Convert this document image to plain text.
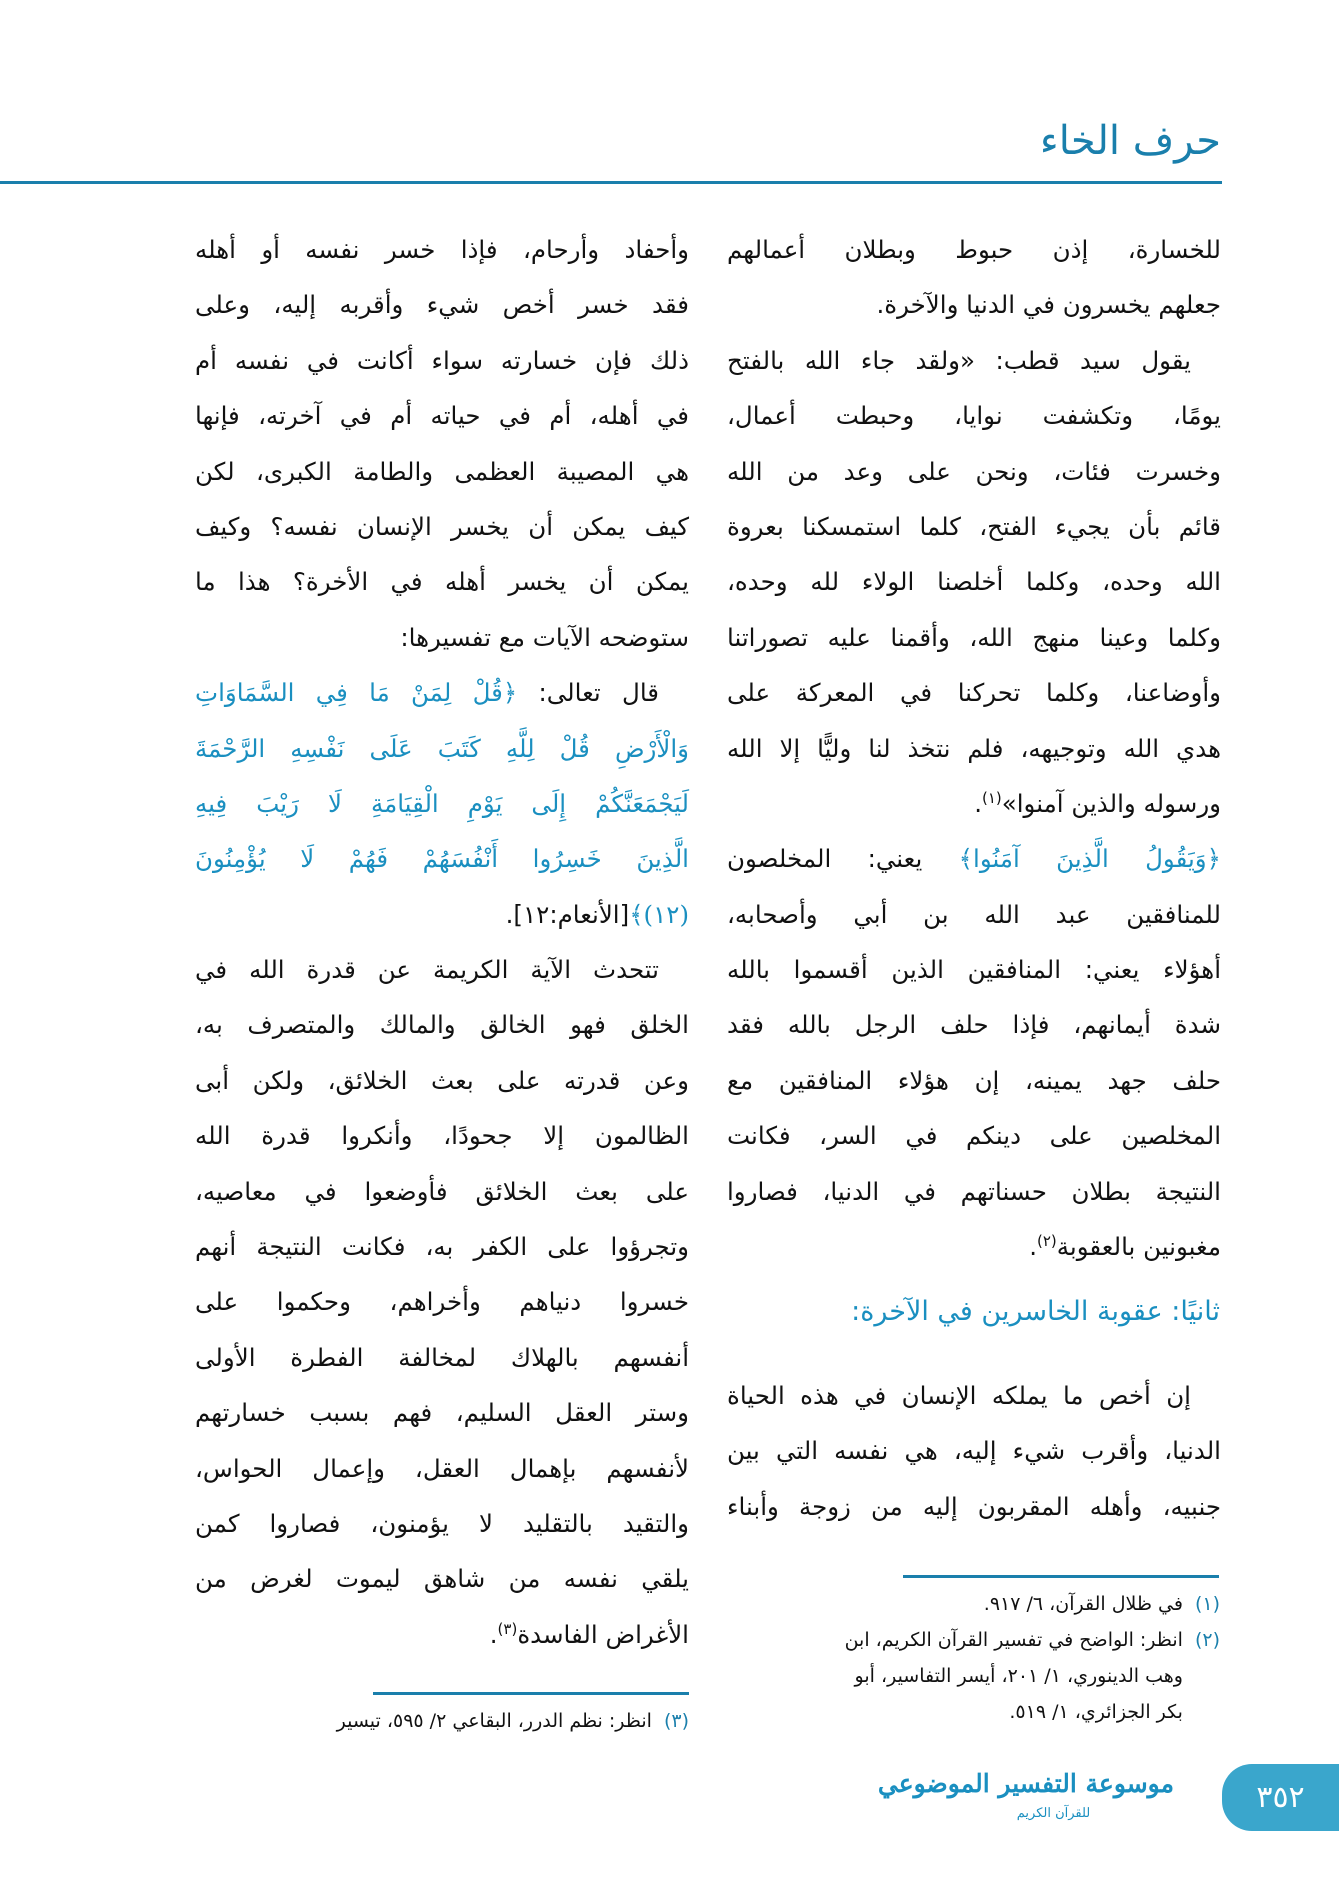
حرف الخاء
للخسارة، إذن حبوط وبطلان أعمالهم
جعلهم يخسرون في الدنيا والآخرة.
يقول سيد قطب: «ولقد جاء الله بالفتح
يومًا، وتكشفت نوايا، وحبطت أعمال،
وخسرت فئات، ونحن على وعد من الله
قائم بأن يجيء الفتح، كلما استمسكنا بعروة
الله وحده، وكلما أخلصنا الولاء لله وحده،
وكلما وعينا منهج الله، وأقمنا عليه تصوراتنا
وأوضاعنا، وكلما تحركنا في المعركة على
هدي الله وتوجيهه، فلم نتخذ لنا وليًّا إلا الله
ورسوله والذين آمنوا»$^{(١)}$.
﴿وَيَقُولُ الَّذِينَ آمَنُوا﴾ يعني: المخلصون
للمنافقين عبد الله بن أبي وأصحابه،
أهؤلاء يعني: المنافقين الذين أقسموا بالله
شدة أيمانهم، فإذا حلف الرجل بالله فقد
حلف جهد يمينه، إن هؤلاء المنافقين مع
المخلصين على دينكم في السر، فكانت
النتيجة بطلان حسناتهم في الدنيا، فصاروا
مغبونين بالعقوبة$^{(٢)}$.
ثانيًا: عقوبة الخاسرين في الآخرة:
إن أخص ما يملكه الإنسان في هذه الحياة
الدنيا، وأقرب شيء إليه، هي نفسه التي بين
جنبيه، وأهله المقربون إليه من زوجة وأبناء
وأحفاد وأرحام، فإذا خسر نفسه أو أهله
فقد خسر أخص شيء وأقربه إليه، وعلى
ذلك فإن خسارته سواء أكانت في نفسه أم
في أهله، أم في حياته أم في آخرته، فإنها
هي المصيبة العظمى والطامة الكبرى، لكن
كيف يمكن أن يخسر الإنسان نفسه؟ وكيف
يمكن أن يخسر أهله في الأخرة؟ هذا ما
ستوضحه الآيات مع تفسيرها:
قال تعالى: ﴿قُلْ لِمَنْ مَا فِي السَّمَاوَاتِ
وَالْأَرْضِ قُلْ لِلَّهِ كَتَبَ عَلَى نَفْسِهِ الرَّحْمَةَ
لَيَجْمَعَنَّكُمْ إِلَى يَوْمِ الْقِيَامَةِ لَا رَيْبَ فِيهِ
الَّذِينَ خَسِرُوا أَنْفُسَهُمْ فَهُمْ لَا يُؤْمِنُونَ
(١٢)﴾[الأنعام:١٢].
تتحدث الآية الكريمة عن قدرة الله في
الخلق فهو الخالق والمالك والمتصرف به،
وعن قدرته على بعث الخلائق، ولكن أبى
الظالمون إلا جحودًا، وأنكروا قدرة الله
على بعث الخلائق فأوضعوا في معاصيه،
وتجرؤوا على الكفر به، فكانت النتيجة أنهم
خسروا دنياهم وأخراهم، وحكموا على
أنفسهم بالهلاك لمخالفة الفطرة الأولى
وستر العقل السليم، فهم بسبب خسارتهم
لأنفسهم بإهمال العقل، وإعمال الحواس،
والتقيد بالتقليد لا يؤمنون، فصاروا كمن
يلقي نفسه من شاهق ليموت لغرض من
الأغراض الفاسدة$^{(٣)}$.
(١)
في ظلال القرآن، ٦/ ٩١٧.
(٢)
انظر: الواضح في تفسير القرآن الكريم، ابن
وهب الدينوري، ١/ ٢٠١، أيسر التفاسير، أبو
بكر الجزائري، ١/ ٥١٩.
(٣)
انظر: نظم الدرر، البقاعي ٢/ ٥٩٥، تيسير
موسوعة التفسير الموضوعي
للقرآن الكريم	٣٥٢
